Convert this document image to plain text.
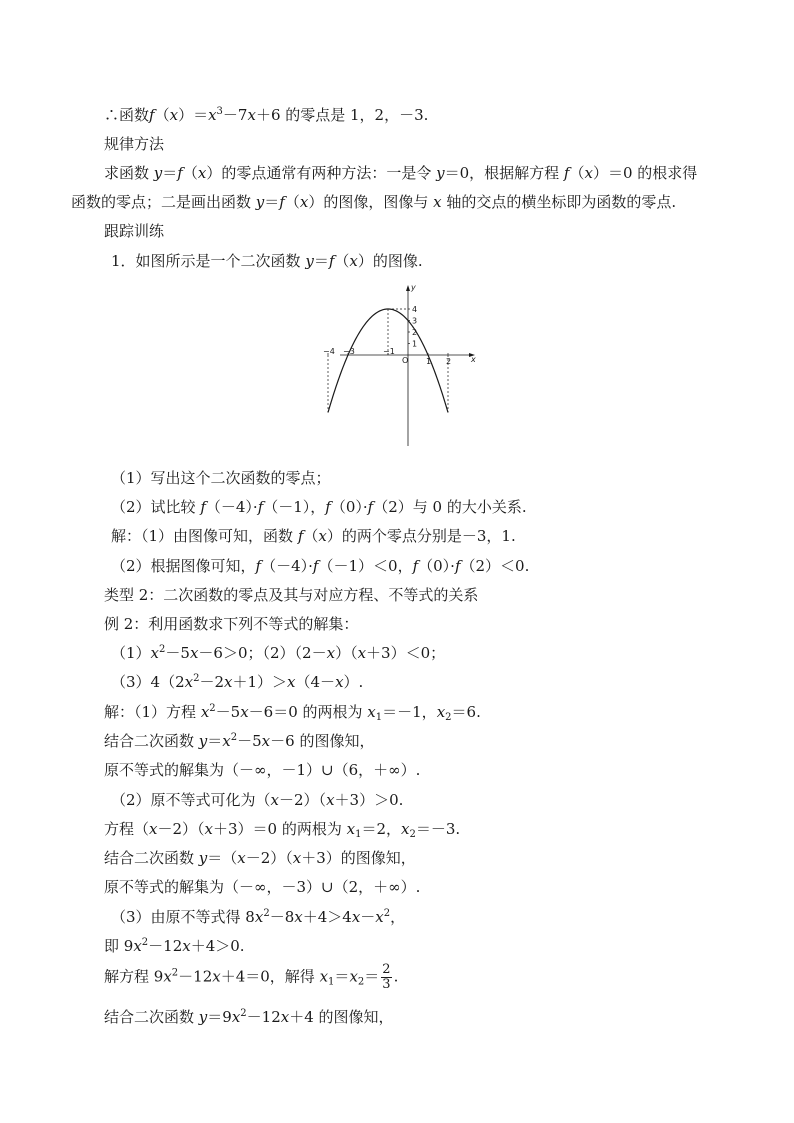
∴函数$f(x)=x^3-7x+6$ 的零点是 1，2，－3.
规律方法
求函数 y＝f（x）的零点通常有两种方法：一是令 y＝0，根据解方程 f（x）＝0 的根求得
函数的零点；二是画出函数 y＝f（x）的图像，图像与 x 轴的交点的横坐标即为函数的零点.
跟踪训练
1．如图所示是一个二次函数 y＝f（x）的图像.
x
y
O
−4 −3	−1
1 2
4
3
2
1
（1）写出这个二次函数的零点；
（2）试比较 f（－4）·f（－1），f（0）·f（2）与 0 的大小关系.
解：（1）由图像可知，函数 f（x）的两个零点分别是－3，1.
（2）根据图像可知，f（－4）·f（－1）＜0，f（0）·f（2）＜0.
类型 2：二次函数的零点及其与对应方程、不等式的关系
例 2：利用函数求下列不等式的解集：
$(1)x^2-5x-6>0$；（2）（2－x）（x＋3）＜0；
$(3)4(2x^2-2x+1)>x(4-x)$.
解：（1）方程 $x^2-5x-6=0$ 的两根为 $x_1=-1$，$x_2=6$.
结合二次函数 $y=x^2-5x-6$ 的图像知，
原不等式的解集为（－∞，－1）∪（6，＋∞）.
（2）原不等式可化为（x－2）（x＋3）＞0.
方程（x－2）（x＋3）＝0 的两根为 $x_1=2$，$x_2=-3$.
结合二次函数 y＝（x－2）（x＋3）的图像知，
原不等式的解集为（－∞，－3）∪（2，＋∞）.
（3）由原不等式得 $8x^2-8x+4>4x-x^2$，
即 $9x^2-12x+4>0$.
解方程 $9x^2-12x+4=0$，解得 $x_1=x_2= \frac{2}{3}$ .
结合二次函数 $y=9x^2-12x+4$ 的图像知，
